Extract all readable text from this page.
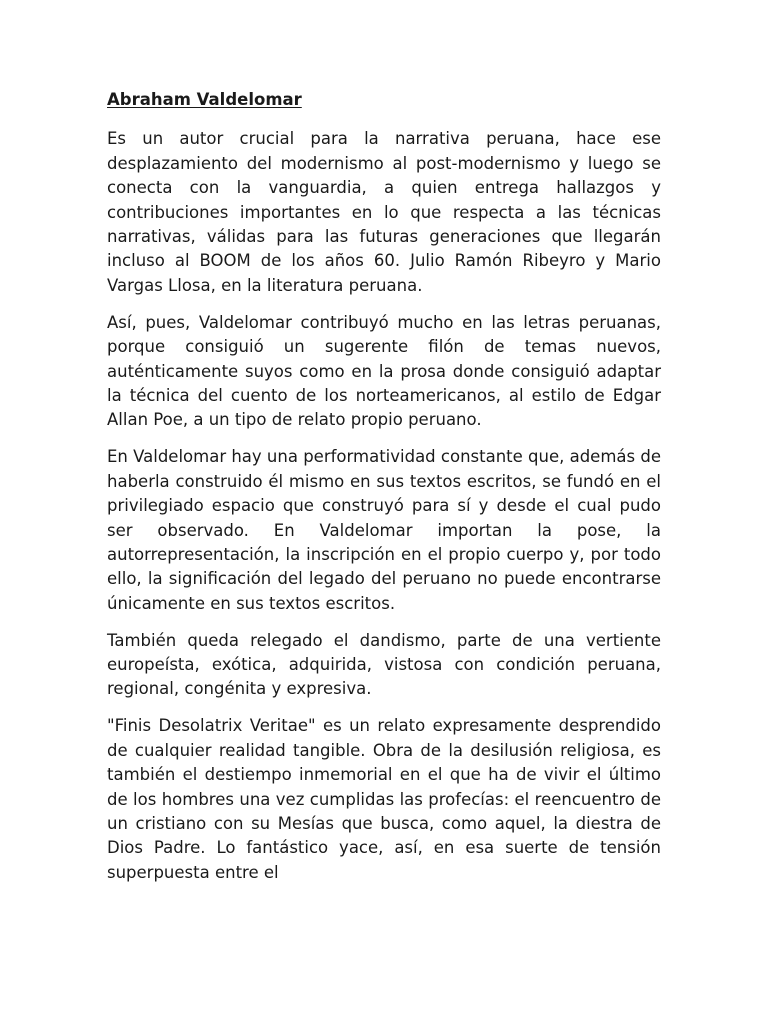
Abraham Valdelomar

Es un autor crucial para la narrativa peruana, hace ese desplazamiento del modernismo al post-modernismo y luego se conecta con la vanguardia, a quien entrega hallazgos y contribuciones importantes en lo que respecta a las técnicas narrativas, válidas para las futuras generaciones que llegarán incluso al BOOM de los años 60. Julio Ramón Ribeyro y Mario Vargas Llosa, en la literatura peruana.

Así, pues, Valdelomar contribuyó mucho en las letras peruanas, porque consiguió un sugerente filón de temas nuevos, auténticamente suyos como en la prosa donde consiguió adaptar la técnica del cuento de los norteamericanos, al estilo de Edgar Allan Poe, a un tipo de relato propio peruano.

En Valdelomar hay una performatividad constante que, además de haberla construido él mismo en sus textos escritos, se fundó en el privilegiado espacio que construyó para sí y desde el cual pudo ser observado. En Valdelomar importan la pose, la autorrepresentación, la inscripción en el propio cuerpo y, por todo ello, la significación del legado del peruano no puede encontrarse únicamente en sus textos escritos.

También queda relegado el dandismo, parte de una vertiente europeísta, exótica, adquirida, vistosa con condición peruana, regional, congénita y expresiva.

"Finis Desolatrix Veritae" es un relato expresamente desprendido de cualquier realidad tangible. Obra de la desilusión religiosa, es también el destiempo inmemorial en el que ha de vivir el último de los hombres una vez cumplidas las profecías: el reencuentro de un cristiano con su Mesías que busca, como aquel, la diestra de Dios Padre. Lo fantástico yace, así, en esa suerte de tensión superpuesta entre el
